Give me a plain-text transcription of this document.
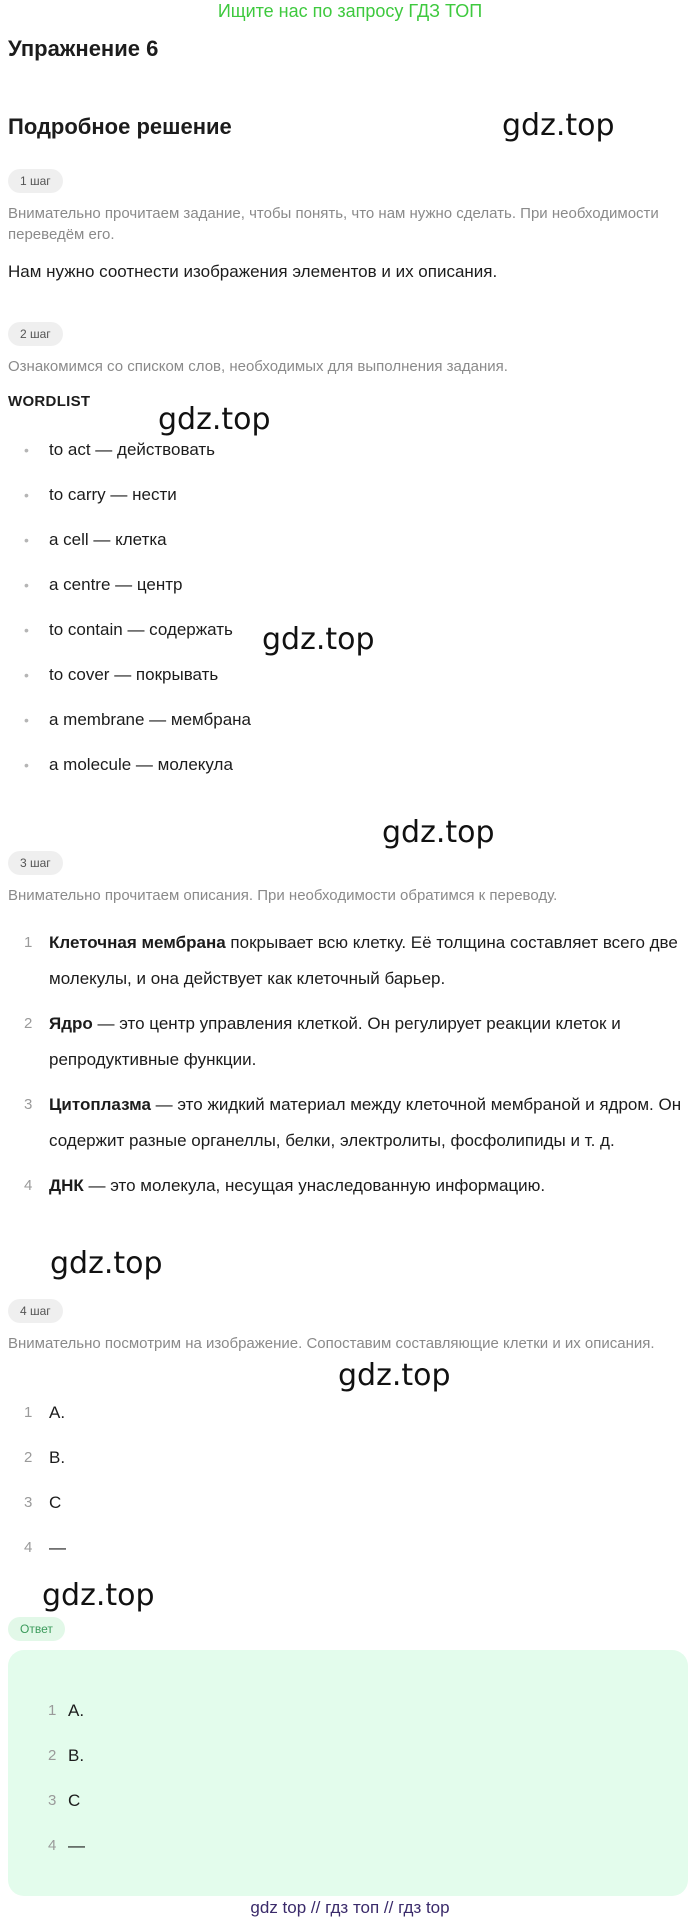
Ищите нас по запросу ГДЗ ТОП
Упражнение 6
Подробное решение	gdz.top
gdz.top
gdz.top
gdz.top
gdz.top
gdz.top
gdz.top
1 шаг

Внимательно прочитаем задание, чтобы понять, что нам нужно сделать. При необходимости переведём его.

Нам нужно соотнести изображения элементов и их описания.

2 шаг

Ознакомимся со списком слов, необходимых для выполнения задания.

WORDLIST
• to act — действовать
• to carry — нести
• a cell — клетка
• a centre — центр
• to contain — содержать
• to cover — покрывать
• a membrane — мембрана
• a molecule — молекула
3 шаг

Внимательно прочитаем описания. При необходимости обратимся к переводу.

1 Клеточная мембрана покрывает всю клетку. Её толщина составляет всего две молекулы, и она действует как клеточный барьер.
2 Ядро — это центр управления клеткой. Он регулирует реакции клеток и репродуктивные функции.
3 Цитоплазма — это жидкий материал между клеточной мембраной и ядром. Он содержит разные органеллы, белки, электролиты, фосфолипиды и т. д.
4 ДНК — это молекула, несущая унаследованную информацию.
4 шаг

Внимательно посмотрим на изображение. Сопоставим составляющие клетки и их описания.

1 A.
2 B.
3 C
4 —
Ответ
1 A.
2 B.
3 C
4 —
gdz top // гдз топ // гдз top
